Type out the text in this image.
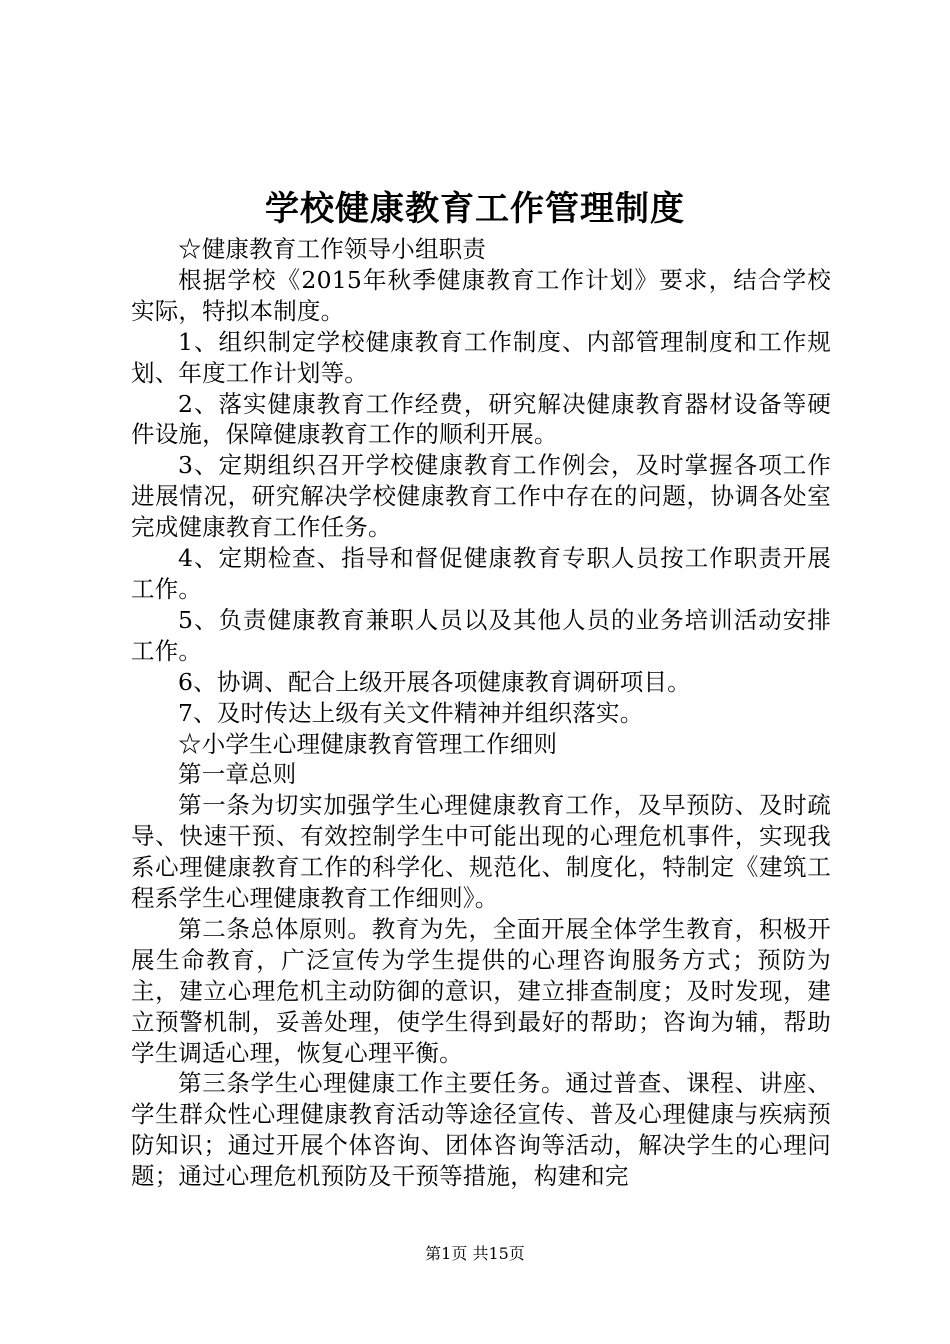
学校健康教育工作管理制度

☆健康教育工作领导小组职责

根据学校《2015年秋季健康教育工作计划》要求，结合学校实际，特拟本制度。

1、组织制定学校健康教育工作制度、内部管理制度和工作规划、年度工作计划等。

2、落实健康教育工作经费，研究解决健康教育器材设备等硬件设施，保障健康教育工作的顺利开展。

3、定期组织召开学校健康教育工作例会，及时掌握各项工作进展情况，研究解决学校健康教育工作中存在的问题，协调各处室完成健康教育工作任务。

4、定期检查、指导和督促健康教育专职人员按工作职责开展工作。

5、负责健康教育兼职人员以及其他人员的业务培训活动安排工作。

6、协调、配合上级开展各项健康教育调研项目。

7、及时传达上级有关文件精神并组织落实。

☆小学生心理健康教育管理工作细则

第一章总则

第一条为切实加强学生心理健康教育工作，及早预防、及时疏导、快速干预、有效控制学生中可能出现的心理危机事件，实现我系心理健康教育工作的科学化、规范化、制度化，特制定《建筑工程系学生心理健康教育工作细则》。

第二条总体原则。教育为先，全面开展全体学生教育，积极开展生命教育，广泛宣传为学生提供的心理咨询服务方式；预防为主，建立心理危机主动防御的意识，建立排查制度；及时发现，建立预警机制，妥善处理，使学生得到最好的帮助；咨询为辅，帮助学生调适心理，恢复心理平衡。

第三条学生心理健康工作主要任务。通过普查、课程、讲座、学生群众性心理健康教育活动等途径宣传、普及心理健康与疾病预防知识；通过开展个体咨询、团体咨询等活动，解决学生的心理问题；通过心理危机预防及干预等措施，构建和完

第1页 共15页
